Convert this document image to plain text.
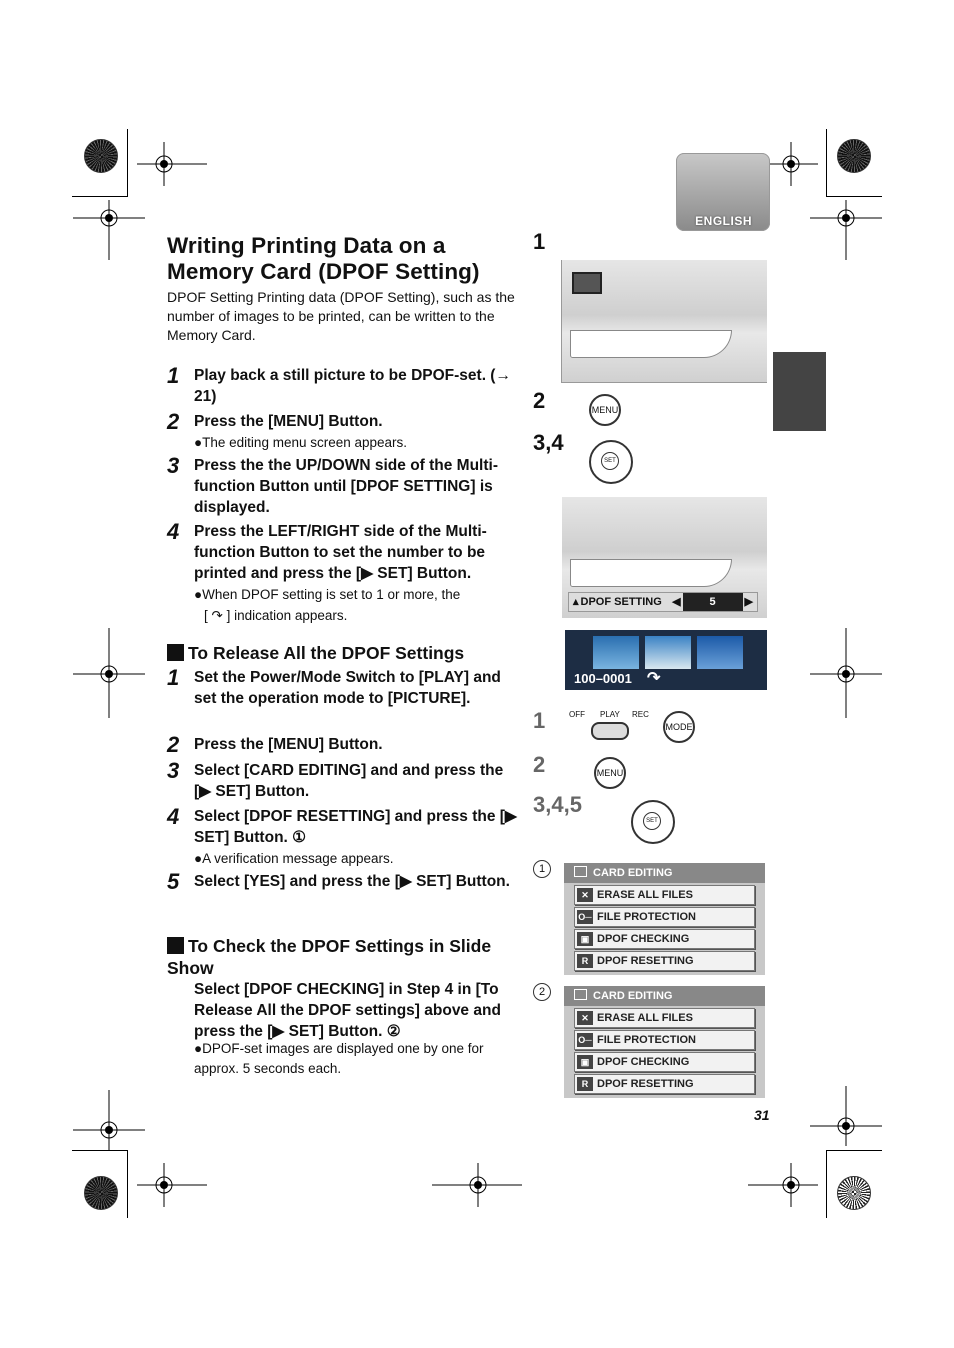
ENGLISH
Writing Printing Data on a Memory Card (DPOF Setting)
DPOF Setting Printing data (DPOF Setting), such as the number of images to be printed, can be written to the Memory Card.
1 Play back a still picture to be DPOF-set. (→ 21)
2 Press the [MENU] Button.
●The editing menu screen appears.
3 Press the the UP/DOWN side of the Multi-function Button until [DPOF SETTING] is displayed.
4 Press the LEFT/RIGHT side of the Multi-function Button to set the number to be printed and press the [▶ SET] Button.
●When DPOF setting is set to 1 or more, the
[ ↷ ] indication appears.
To Release All the DPOF Settings
1 Set the Power/Mode Switch to [PLAY] and set the operation mode to [PICTURE].
2 Press the [MENU] Button.
3 Select [CARD EDITING] and and press the [▶ SET] Button.
4 Select [DPOF RESETTING] and press the [▶ SET] Button. ①
●A verification message appears.
5 Select [YES] and press the [▶ SET] Button.
To Check the DPOF Settings in Slide Show
Select [DPOF CHECKING] in Step 4 in [To Release All the DPOF settings] above and press the [▶ SET] Button. ②
●DPOF-set images are displayed one by one for approx. 5 seconds each.
1
2	MENU
3,4
SET
▴ DPOF SETTING ◀	5	▶
100–0001 ↷
1	OFF PLAY REC
MODE
2	MENU
3,4,5
SET
1	CARD EDITING
✕ ERASE ALL FILES
O─ FILE PROTECTION
▣ DPOF CHECKING
R DPOF RESETTING
2	CARD EDITING
✕ ERASE ALL FILES
O─ FILE PROTECTION
▣ DPOF CHECKING
R DPOF RESETTING
31
